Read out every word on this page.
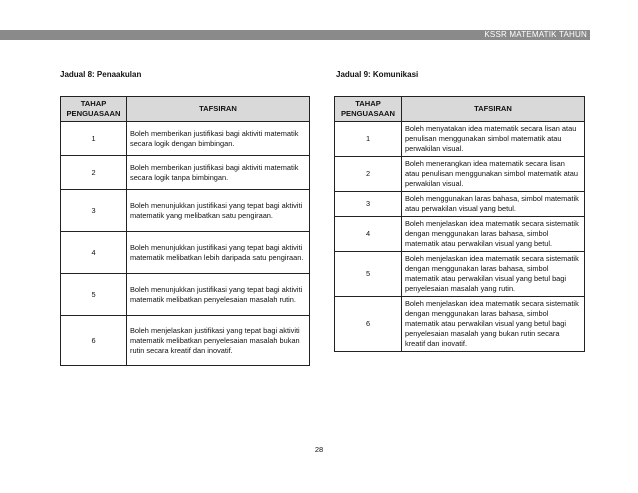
KSSR MATEMATIK TAHUN 1
Jadual 8: Penaakulan	Jadual 9: Komunikasi
TAHAP PENGUASAAN	TAFSIRAN
1	Boleh memberikan justifikasi bagi aktiviti matematik secara logik dengan bimbingan.
2	Boleh memberikan justifikasi bagi aktiviti matematik secara logik tanpa bimbingan.
3	Boleh menunjukkan justifikasi yang tepat bagi aktiviti matematik yang melibatkan satu pengiraan.
4	Boleh menunjukkan justifikasi yang tepat bagi aktiviti matematik melibatkan lebih daripada satu pengiraan.
5	Boleh menunjukkan justifikasi yang tepat bagi aktiviti matematik melibatkan penyelesaian masalah rutin.
6	Boleh menjelaskan justifikasi yang tepat bagi aktiviti matematik melibatkan penyelesaian masalah bukan rutin secara kreatif dan inovatif.
TAHAP PENGUASAAN	TAFSIRAN
1	Boleh menyatakan idea matematik secara lisan atau penulisan menggunakan simbol matematik atau perwakilan visual.
2	Boleh menerangkan idea matematik secara lisan atau penulisan menggunakan simbol matematik atau perwakilan visual.
3	Boleh menggunakan laras bahasa, simbol matematik atau perwakilan visual yang betul.
4	Boleh menjelaskan idea matematik secara sistematik dengan menggunakan laras bahasa, simbol matematik atau perwakilan visual yang betul.
5	Boleh menjelaskan idea matematik secara sistematik dengan menggunakan laras bahasa, simbol matematik atau perwakilan visual yang betul bagi penyelesaian masalah yang rutin.
6	Boleh menjelaskan idea matematik secara sistematik dengan menggunakan laras bahasa, simbol matematik atau perwakilan visual yang betul bagi penyelesaian masalah yang bukan rutin secara kreatif dan inovatif.
28
